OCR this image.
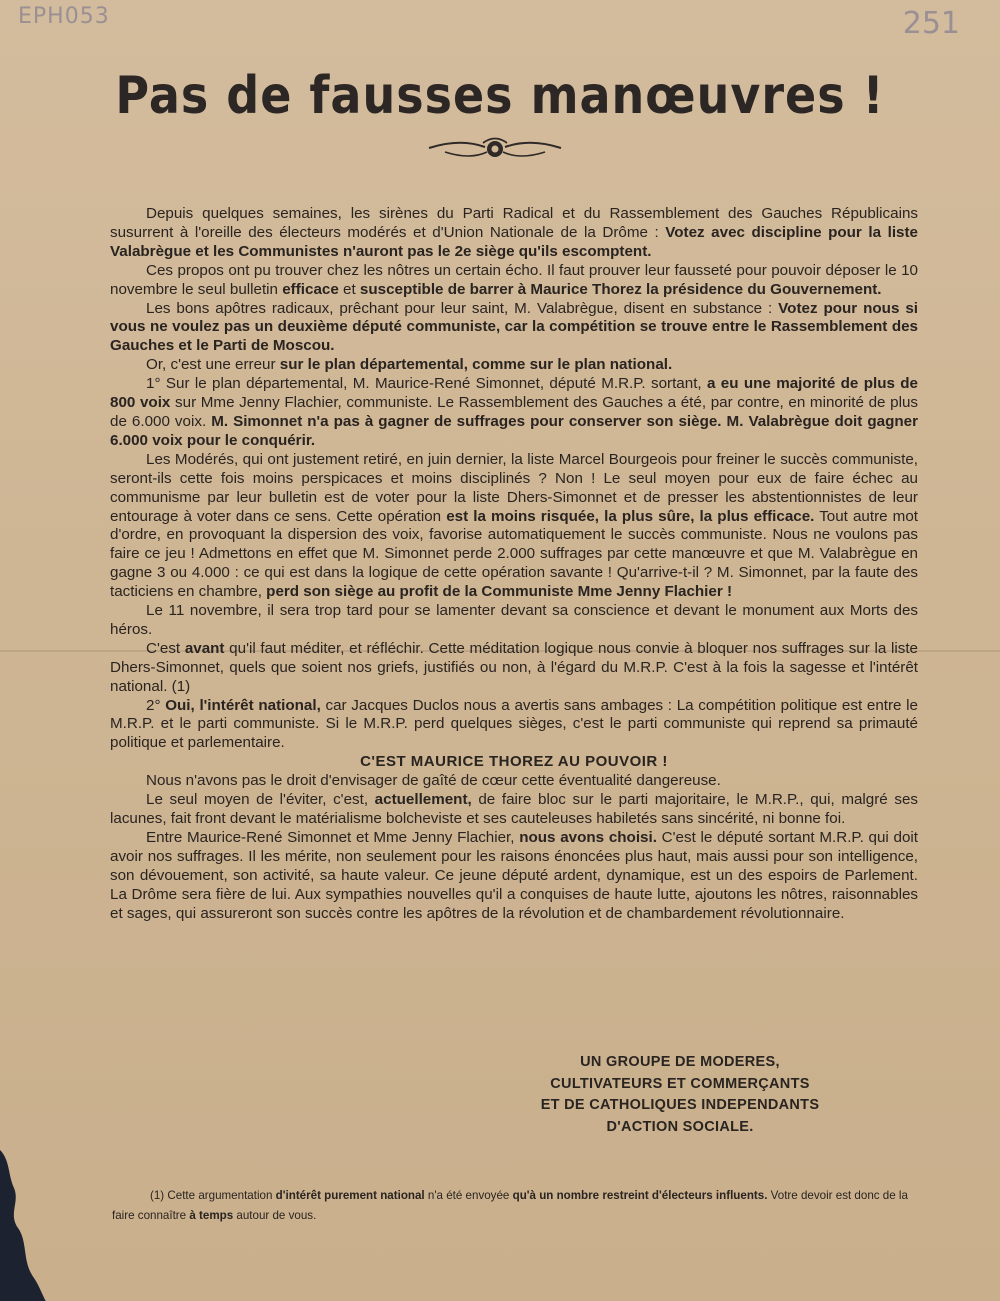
EPH053	251
Pas de fausses manœuvres !

Depuis quelques semaines, les sirènes du Parti Radical et du Rassemblement des Gauches Républicains susurrent à l'oreille des électeurs modérés et d'Union Nationale de la Drôme : Votez avec discipline pour la liste Valabrègue et les Communistes n'auront pas le 2e siège qu'ils escomptent.

Ces propos ont pu trouver chez les nôtres un certain écho. Il faut prouver leur fausseté pour pouvoir déposer le 10 novembre le seul bulletin efficace et susceptible de barrer à Maurice Thorez la présidence du Gouvernement.

Les bons apôtres radicaux, prêchant pour leur saint, M. Valabrègue, disent en substance : Votez pour nous si vous ne voulez pas un deuxième député communiste, car la compétition se trouve entre le Rassemblement des Gauches et le Parti de Moscou.

Or, c'est une erreur sur le plan départemental, comme sur le plan national.

1° Sur le plan départemental, M. Maurice-René Simonnet, député M.R.P. sortant, a eu une majorité de plus de 800 voix sur Mme Jenny Flachier, communiste. Le Rassemblement des Gauches a été, par contre, en minorité de plus de 6.000 voix. M. Simonnet n'a pas à gagner de suffrages pour conserver son siège. M. Valabrègue doit gagner 6.000 voix pour le conquérir.

Les Modérés, qui ont justement retiré, en juin dernier, la liste Marcel Bourgeois pour freiner le succès communiste, seront-ils cette fois moins perspicaces et moins disciplinés ? Non ! Le seul moyen pour eux de faire échec au communisme par leur bulletin est de voter pour la liste Dhers-Simonnet et de presser les abstentionnistes de leur entourage à voter dans ce sens. Cette opération est la moins risquée, la plus sûre, la plus efficace. Tout autre mot d'ordre, en provoquant la dispersion des voix, favorise automatiquement le succès communiste. Nous ne voulons pas faire ce jeu ! Admettons en effet que M. Simonnet perde 2.000 suffrages par cette manœuvre et que M. Valabrègue en gagne 3 ou 4.000 : ce qui est dans la logique de cette opération savante ! Qu'arrive-t-il ? M. Simonnet, par la faute des tacticiens en chambre, perd son siège au profit de la Communiste Mme Jenny Flachier !

Le 11 novembre, il sera trop tard pour se lamenter devant sa conscience et devant le monument aux Morts des héros.

C'est avant qu'il faut méditer, et réfléchir. Cette méditation logique nous convie à bloquer nos suffrages sur la liste Dhers-Simonnet, quels que soient nos griefs, justifiés ou non, à l'égard du M.R.P. C'est à la fois la sagesse et l'intérêt national. (1)

2° Oui, l'intérêt national, car Jacques Duclos nous a avertis sans ambages : La compétition politique est entre le M.R.P. et le parti communiste. Si le M.R.P. perd quelques sièges, c'est le parti communiste qui reprend sa primauté politique et parlementaire.

C'EST MAURICE THOREZ AU POUVOIR !

Nous n'avons pas le droit d'envisager de gaîté de cœur cette éventualité dangereuse.

Le seul moyen de l'éviter, c'est, actuellement, de faire bloc sur le parti majoritaire, le M.R.P., qui, malgré ses lacunes, fait front devant le matérialisme bolcheviste et ses cauteleuses habiletés sans sincérité, ni bonne foi.

Entre Maurice-René Simonnet et Mme Jenny Flachier, nous avons choisi. C'est le député sortant M.R.P. qui doit avoir nos suffrages. Il les mérite, non seulement pour les raisons énoncées plus haut, mais aussi pour son intelligence, son dévouement, son activité, sa haute valeur. Ce jeune député ardent, dynamique, est un des espoirs de Parlement. La Drôme sera fière de lui. Aux sympathies nouvelles qu'il a conquises de haute lutte, ajoutons les nôtres, raisonnables et sages, qui assureront son succès contre les apôtres de la révolution et de chambardement révolutionnaire.

UN GROUPE DE MODERES,
CULTIVATEURS ET COMMERÇANTS
ET DE CATHOLIQUES INDEPENDANTS
D'ACTION SOCIALE.

(1) Cette argumentation d'intérêt purement national n'a été envoyée qu'à un nombre restreint d'électeurs influents. Votre devoir est donc de la faire connaître à temps autour de vous.
